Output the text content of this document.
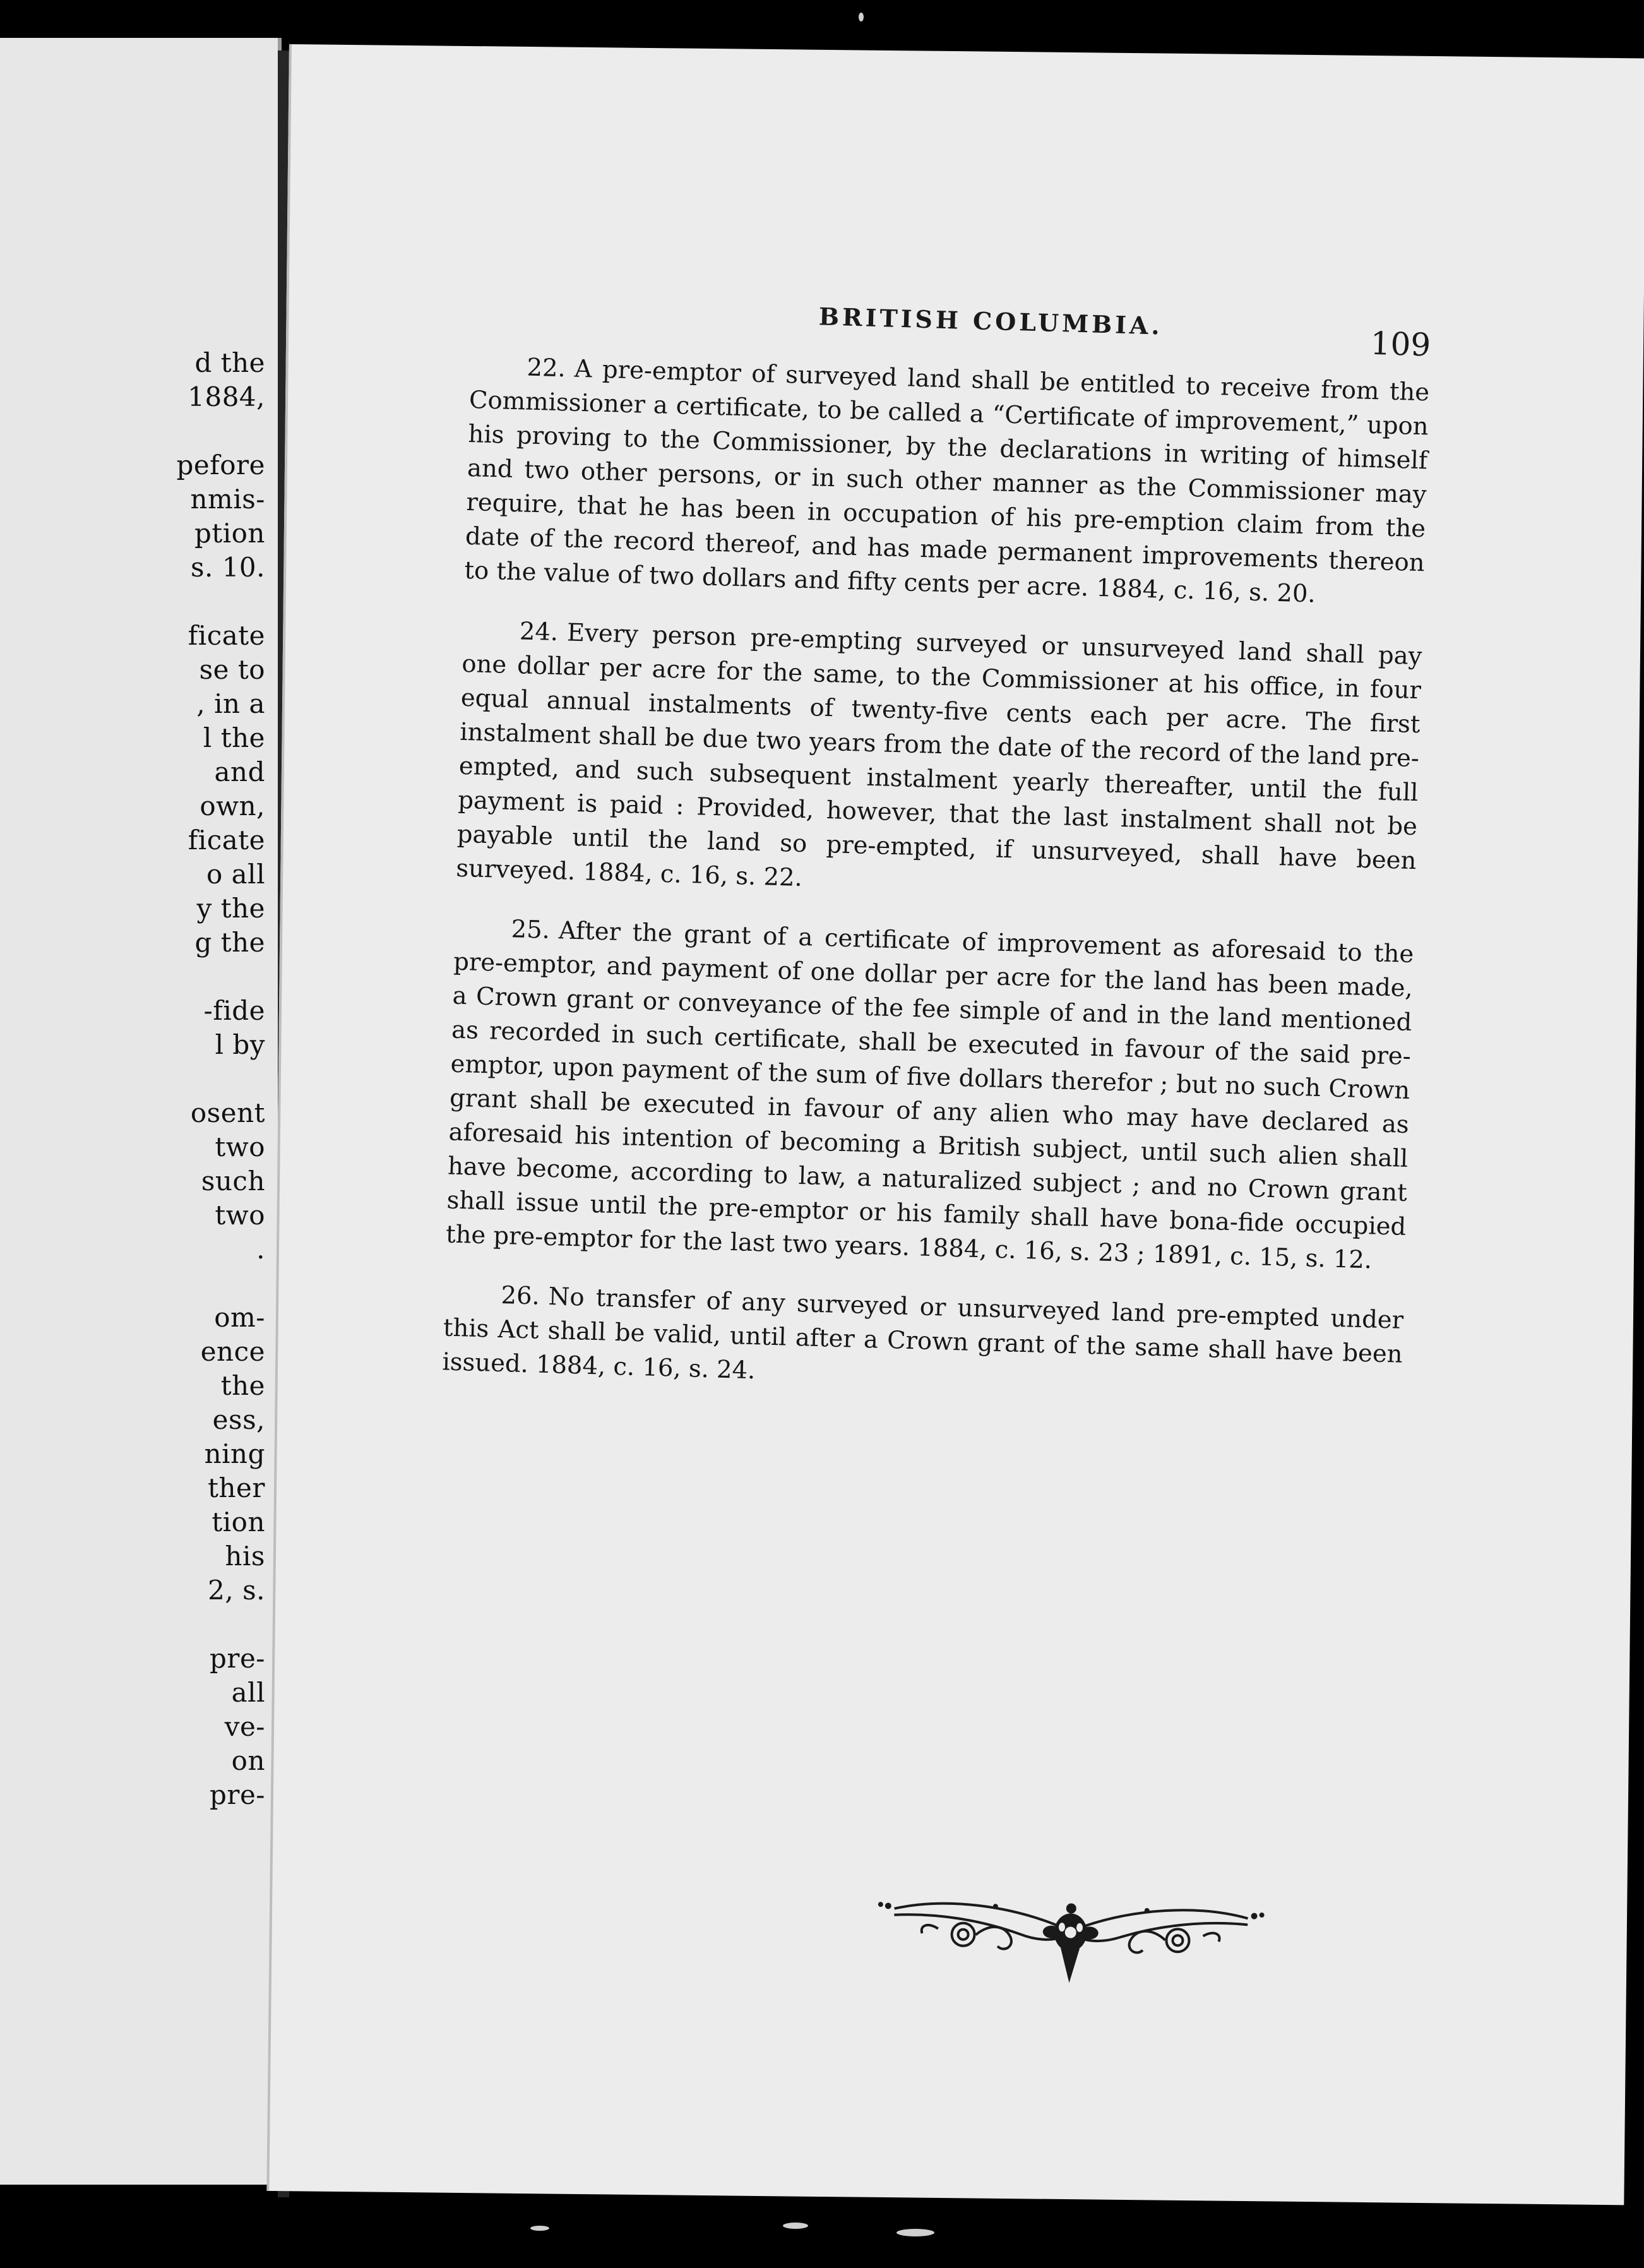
d the
1884,
pefore
nmis-
ption
s. 10.
ficate
se to
, in a
l the
and
own,
ficate
o all
y the
g the
-fide
l by
osent
two
such
two
.
om-
ence
the
ess,
ning
ther
tion
his
2, s.
pre-
all
ve-
on
pre-
BRITISH COLUMBIA.
109

22. A pre-emptor of surveyed land shall be entitled to receive from the Commissioner a certificate, to be called a “Certificate of improvement,” upon his proving to the Commissioner, by the declarations in writing of himself and two other persons, or in such other manner as the Commissioner may require, that he has been in occupation of his pre-emption claim from the date of the record thereof, and has made permanent improvements thereon to the value of two dollars and fifty cents per acre. 1884, c. 16, s. 20.

24. Every person pre-empting surveyed or unsurveyed land shall pay one dollar per acre for the same, to the Commissioner at his office, in four equal annual instalments of twenty-five cents each per acre. The first instalment shall be due two years from the date of the record of the land pre-empted, and such subsequent instalment yearly thereafter, until the full payment is paid : Provided, however, that the last instalment shall not be payable until the land so pre-empted, if unsurveyed, shall have been surveyed. 1884, c. 16, s. 22.

25. After the grant of a certificate of improvement as aforesaid to the pre-emptor, and payment of one dollar per acre for the land has been made, a Crown grant or conveyance of the fee simple of and in the land mentioned as recorded in such certificate, shall be executed in favour of the said pre-emptor, upon payment of the sum of five dollars therefor ; but no such Crown grant shall be executed in favour of any alien who may have declared as aforesaid his intention of becoming a British subject, until such alien shall have become, according to law, a naturalized subject ; and no Crown grant shall issue until the pre-emptor or his family shall have bona-fide occupied the pre-emptor for the last two years. 1884, c. 16, s. 23 ; 1891, c. 15, s. 12.

26. No transfer of any surveyed or unsurveyed land pre-empted under this Act shall be valid, until after a Crown grant of the same shall have been issued. 1884, c. 16, s. 24.
